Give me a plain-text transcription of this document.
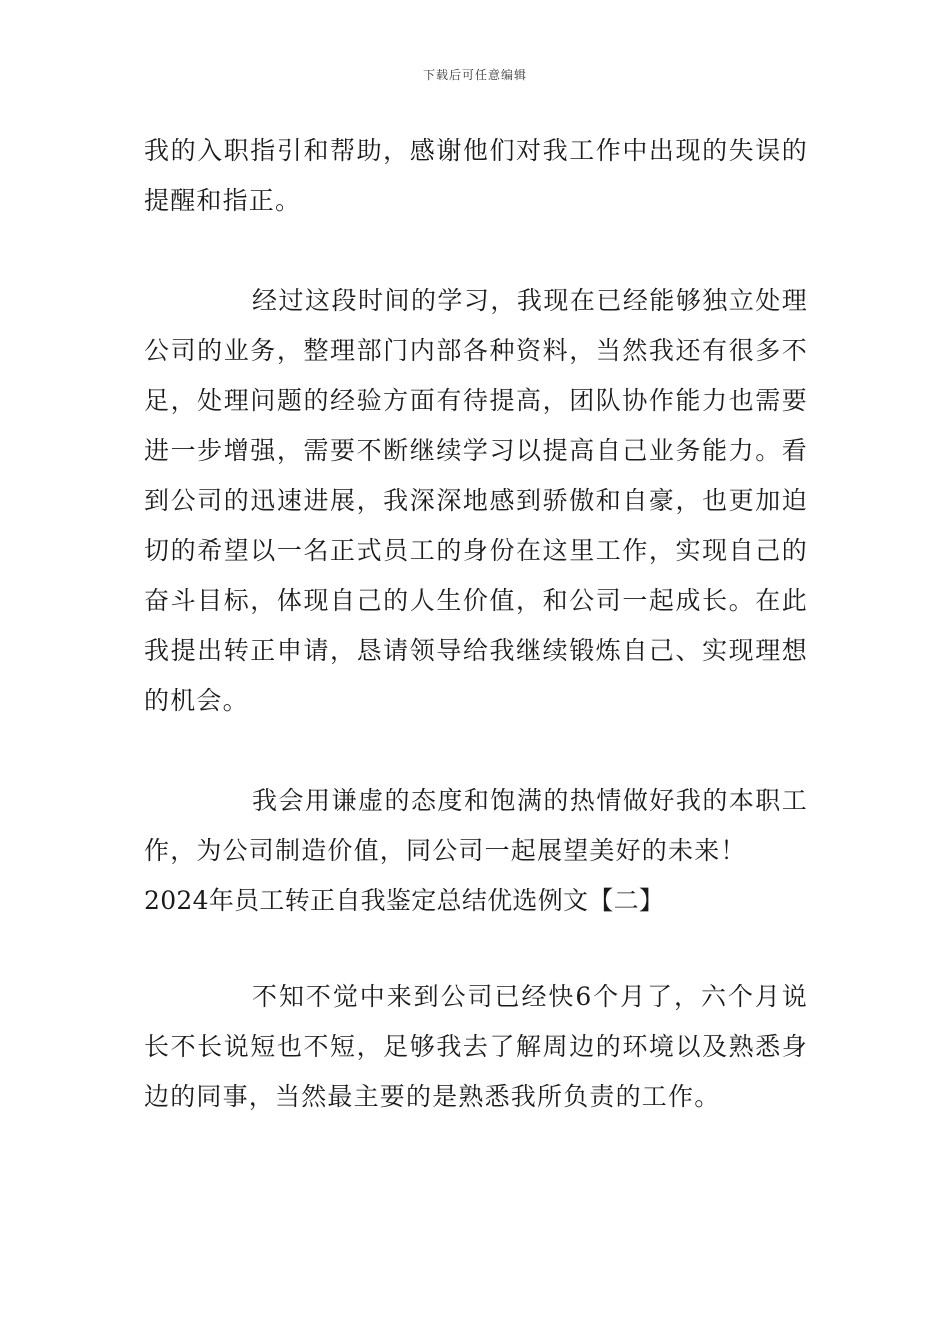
下载后可任意编辑

我的入职指引和帮助，感谢他们对我工作中出现的失误的提醒和指正。

经过这段时间的学习，我现在已经能够独立处理公司的业务，整理部门内部各种资料，当然我还有很多不足，处理问题的经验方面有待提高，团队协作能力也需要进一步增强，需要不断继续学习以提高自己业务能力。看到公司的迅速进展，我深深地感到骄傲和自豪，也更加迫切的希望以一名正式员工的身份在这里工作，实现自己的奋斗目标，体现自己的人生价值，和公司一起成长。在此我提出转正申请，恳请领导给我继续锻炼自己、实现理想的机会。

我会用谦虚的态度和饱满的热情做好我的本职工作，为公司制造价值，同公司一起展望美好的未来！

2024年员工转正自我鉴定总结优选例文【二】

不知不觉中来到公司已经快6个月了，六个月说长不长说短也不短，足够我去了解周边的环境以及熟悉身边的同事，当然最主要的是熟悉我所负责的工作。
